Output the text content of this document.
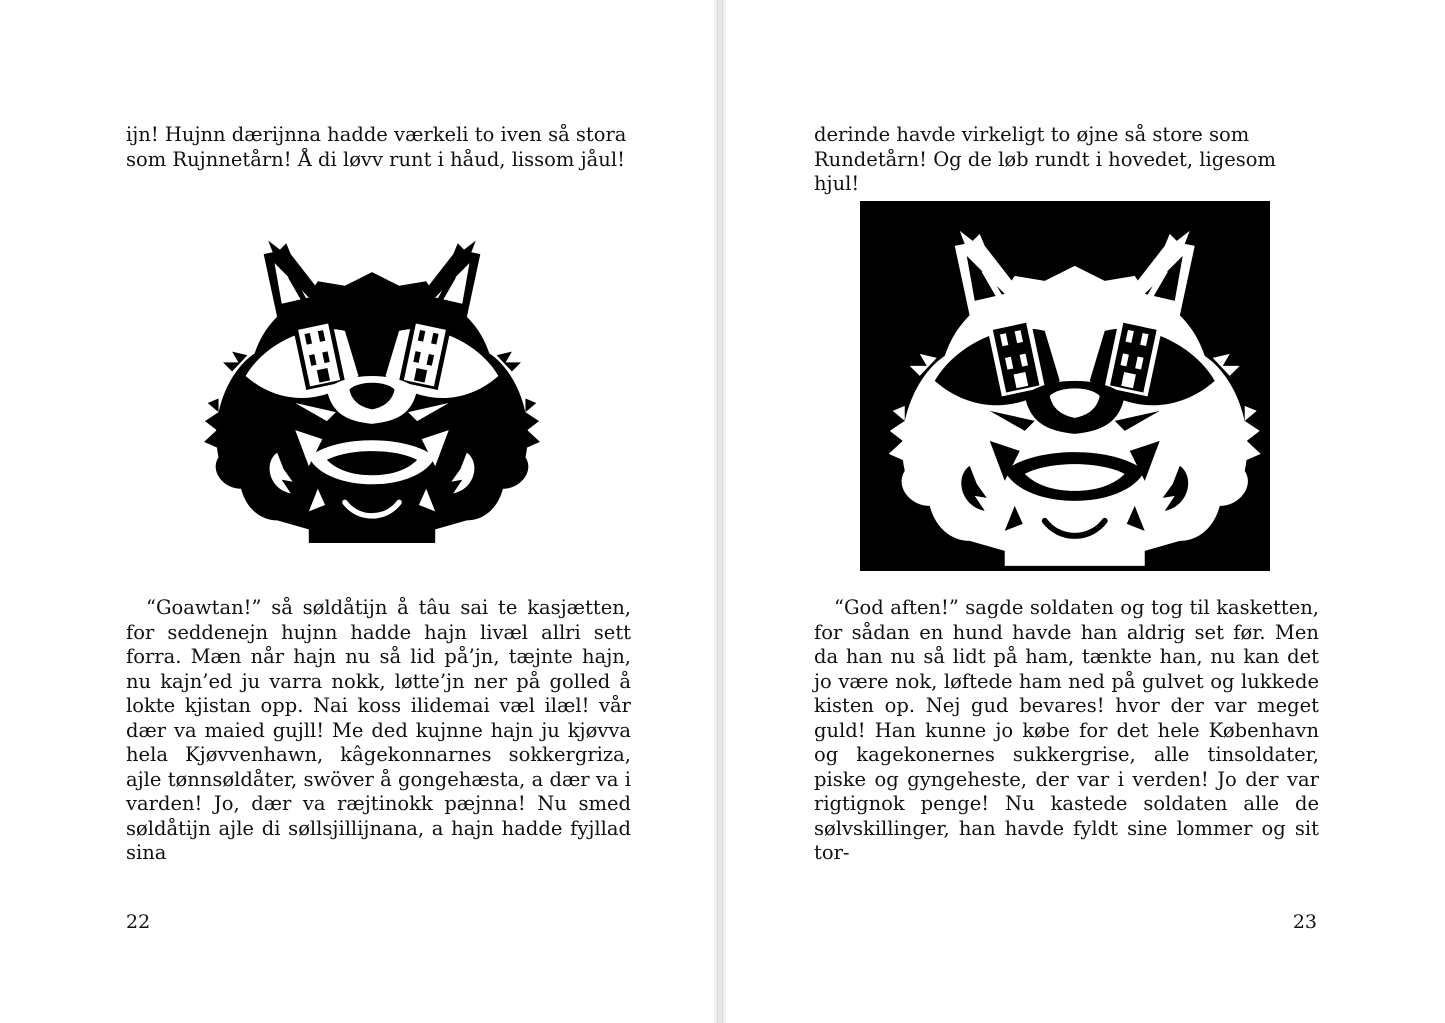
ijn! Hujnn dærijnna hadde værkeli to iven så stora som Rujnnetårn! Å di løvv runt i håud, lissom jåul!

“Goawtan!” så søldåtijn å tâu sai te kasjætten, for seddenejn hujnn hadde hajn livæl allri sett forra. Mæn når hajn nu så lid på’jn, tæjnte hajn, nu kajn’ed ju varra nokk, løtte’jn ner på golled å lokte kjistan opp. Nai koss ilidemai væl ilæl! vår dær va maied gujll! Me ded kujnne hajn ju kjøvva hela Kjøvvenhawn, kâgekonnarnes sokkergriza, ajle tønnsøldåter, swöver å gongehæsta, a dær va i varden! Jo, dær va ræjtinokk pæjnna! Nu smed søldåtijn ajle di søllsjillijnana, a hajn hadde fyjllad sina

22

derinde havde virkeligt to øjne så store som Rundetårn! Og de løb rundt i hovedet, ligesom hjul!

“God aften!” sagde soldaten og tog til kasketten, for sådan en hund havde han aldrig set før. Men da han nu så lidt på ham, tænkte han, nu kan det jo være nok, løftede ham ned på gulvet og lukkede kisten op. Nej gud bevares! hvor der var meget guld! Han kunne jo købe for det hele København og kagekonernes sukkergrise, alle tinsoldater, piske og gyngeheste, der var i verden! Jo der var rigtignok penge! Nu kastede soldaten alle de sølvskillinger, han havde fyldt sine lommer og sit tor-

23
